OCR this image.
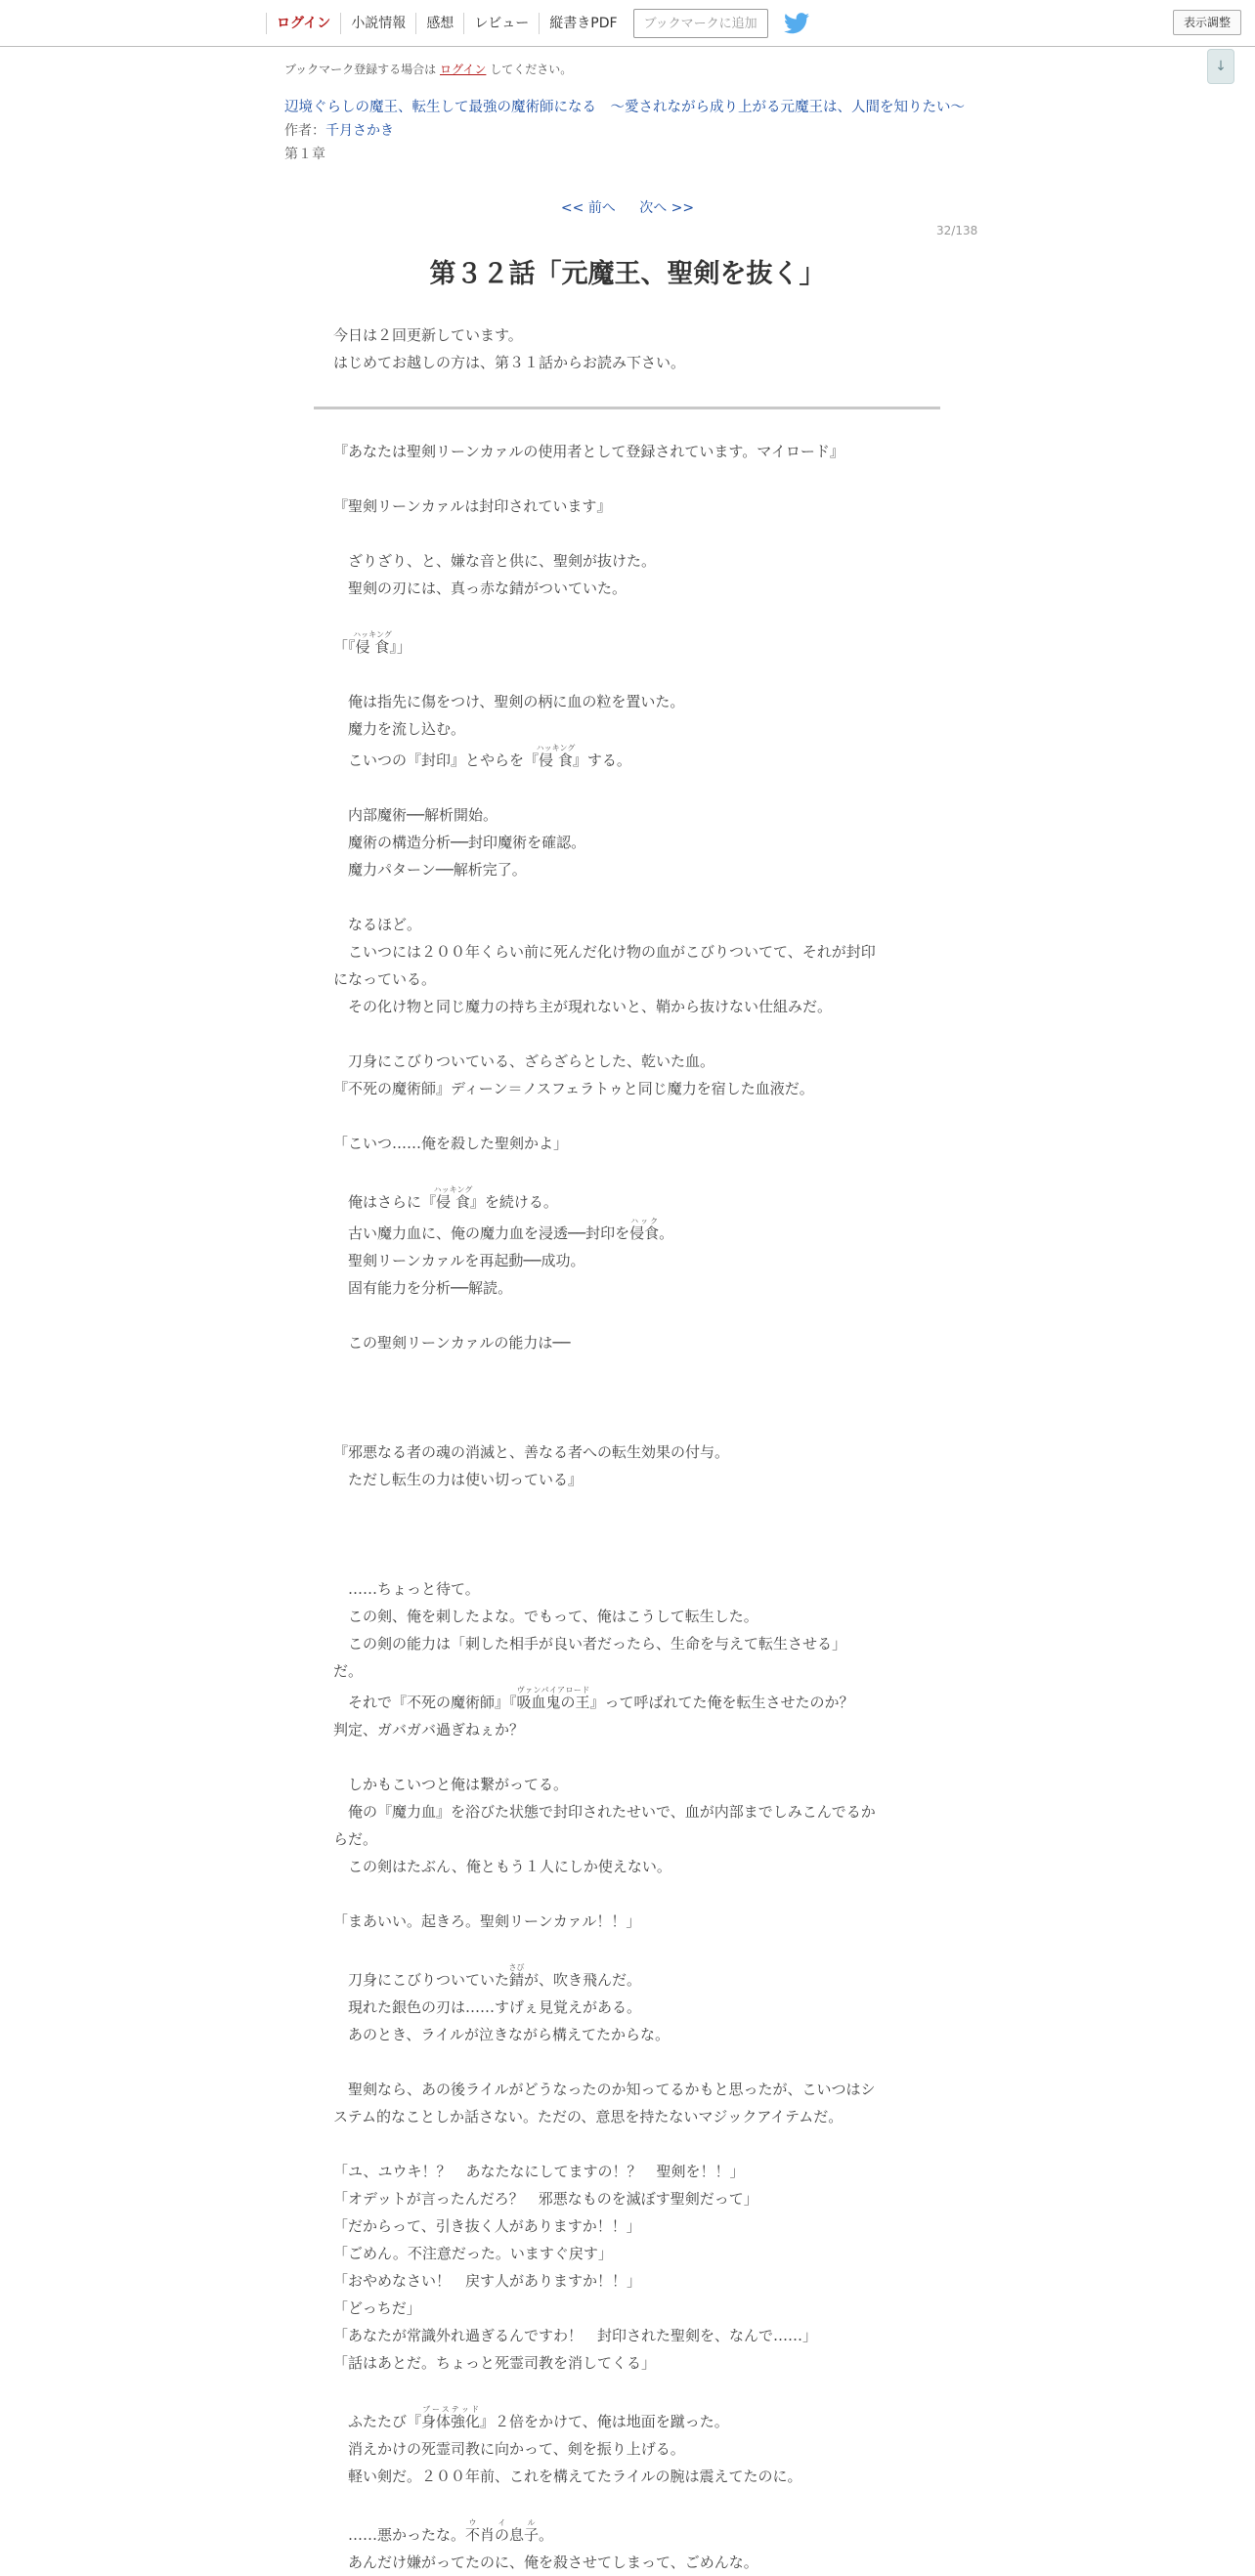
ログイン	小説情報	感想	レビュー	縦書きPDF	ブックマークに追加	表示調整
↓
ブックマーク登録する場合は ログイン してください。
辺境ぐらしの魔王、転生して最強の魔術師になる　〜愛されながら成り上がる元魔王は、人間を知りたい〜
作者：千月さかき
第１章
<< 前へ 次へ >>
32/138
第３２話「元魔王、聖剣を抜く」

今日は２回更新しています。

はじめてお越しの方は、第３１話からお読み下さい。

『あなたは聖剣リーンカァルの使用者として登録されています。マイロード』

『聖剣リーンカァルは封印されています』

　ざりざり、と、嫌な音と供に、聖剣が抜けた。

　聖剣の刃には、真っ赤な錆がついていた。

「『侵食ハッキング』」

　俺は指先に傷をつけ、聖剣の柄に血の粒を置いた。

　魔力を流し込む。

　こいつの『封印』とやらを『侵食ハッキング』する。

　内部魔術──解析開始。

　魔術の構造分析──封印魔術を確認。

　魔力パターン──解析完了。

　なるほど。

　こいつには２００年くらい前に死んだ化け物の血がこびりついてて、それが封印

になっている。

　その化け物と同じ魔力の持ち主が現れないと、鞘から抜けない仕組みだ。

　刀身にこびりついている、ざらざらとした、乾いた血。

『不死の魔術師』ディーン＝ノスフェラトゥと同じ魔力を宿した血液だ。

「こいつ……俺を殺した聖剣かよ」

　俺はさらに『侵食ハッキング』を続ける。

　古い魔力血に、俺の魔力血を浸透──封印を侵食ハック。

　聖剣リーンカァルを再起動──成功。

　固有能力を分析──解読。

　この聖剣リーンカァルの能力は──

『邪悪なる者の魂の消滅と、善なる者への転生効果の付与。

　ただし転生の力は使い切っている』

　……ちょっと待て。

　この剣、俺を刺したよな。でもって、俺はこうして転生した。

　この剣の能力は「刺した相手が良い者だったら、生命を与えて転生させる」

だ。

　それで『不死の魔術師』『吸血鬼の王ヴァンパイアロード』って呼ばれてた俺を転生させたのか？

判定、ガバガバ過ぎねぇか？

　しかもこいつと俺は繋がってる。

　俺の『魔力血』を浴びた状態で封印されたせいで、血が内部までしみこんでるか

らだ。

　この剣はたぶん、俺ともう１人にしか使えない。

「まあいい。起きろ。聖剣リーンカァル！！」

　刀身にこびりついていた錆さびが、吹き飛んだ。

　現れた銀色の刃は……すげぇ見覚えがある。

　あのとき、ライルが泣きながら構えてたからな。

　聖剣なら、あの後ライルがどうなったのか知ってるかもと思ったが、こいつはシ

ステム的なことしか話さない。ただの、意思を持たないマジックアイテムだ。

「ユ、ユウキ！？　あなたなにしてますの！？　聖剣を！！」

「オデットが言ったんだろ？　邪悪なものを滅ぼす聖剣だって」

「だからって、引き抜く人がありますか！！」

「ごめん。不注意だった。いますぐ戻す」

「おやめなさい！　戻す人がありますか！！」

「どっちだ」

「あなたが常識外れ過ぎるんですわ！　封印された聖剣を、なんで……」

「話はあとだ。ちょっと死霊司教を消してくる」

　ふたたび『身体強化ブーステッド』２倍をかけて、俺は地面を蹴った。

　消えかけの死霊司教に向かって、剣を振り上げる。

　軽い剣だ。２００年前、これを構えてたライルの腕は震えてたのに。

　……悪かったな。不肖の息子ウ　イ　ル。

　あんだけ嫌がってたのに、俺を殺させてしまって、ごめんな。
